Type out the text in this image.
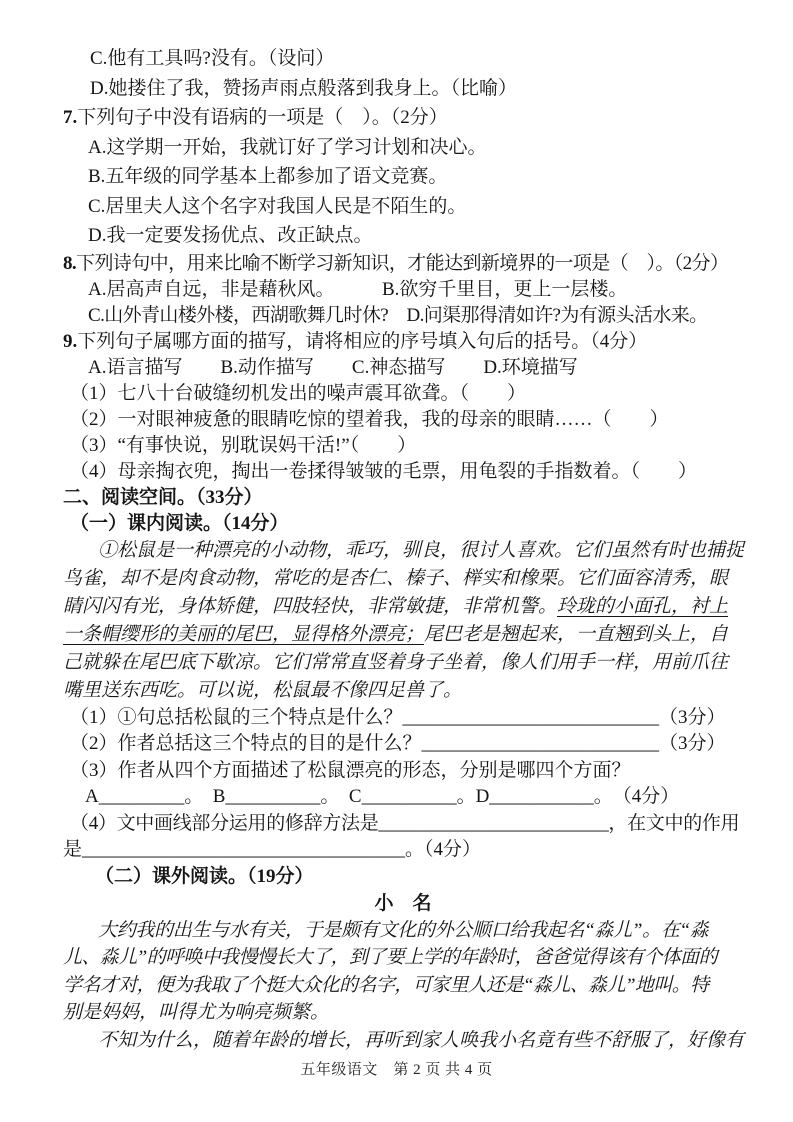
C.他有工具吗?没有。（设问）
D.她搂住了我，赞扬声雨点般落到我身上。（比喻）
7.下列句子中没有语病的一项是（　）。（2分）
A.这学期一开始，我就订好了学习计划和决心。
B.五年级的同学基本上都参加了语文竞赛。
C.居里夫人这个名字对我国人民是不陌生的。
D.我一定要发扬优点、改正缺点。
8.下列诗句中，用来比喻不断学习新知识，才能达到新境界的一项是（　）。（2分）
A.居高声自远，非是藉秋风。　　　B.欲穷千里目，更上一层楼。
C.山外青山楼外楼，西湖歌舞几时休?　D.问渠那得清如许?为有源头活水来。
9.下列句子属哪方面的描写，请将相应的序号填入句后的括号。（4分）
A.语言描写　　B.动作描写　　C.神态描写　　D.环境描写
（1）七八十台破缝纫机发出的噪声震耳欲聋。（　　）
（2）一对眼神疲惫的眼睛吃惊的望着我，我的母亲的眼睛……（　　）
（3）“有事快说，别耽误妈干活!”（　　）
（4）母亲掏衣兜，掏出一卷揉得皱皱的毛票，用龟裂的手指数着。（　　）
二、阅读空间。（33分）
（一）课内阅读。（14分）
①松鼠是一种漂亮的小动物，乖巧，驯良，很讨人喜欢。它们虽然有时也捕捉
鸟雀，却不是肉食动物，常吃的是杏仁、榛子、榉实和橡栗。它们面容清秀，眼
睛闪闪有光，身体矫健，四肢轻快，非常敏捷，非常机警。玲珑的小面孔，衬上
一条帽缨形的美丽的尾巴，显得格外漂亮；尾巴老是翘起来，一直翘到头上，自
己就躲在尾巴底下歇凉。它们常常直竖着身子坐着，像人们用手一样，用前爪往
嘴里送东西吃。可以说，松鼠最不像四足兽了。
（1）①句总括松鼠的三个特点是什么？___________________________（3分）
（2）作者总括这三个特点的目的是什么？_________________________（3分）
（3）作者从四个方面描述了松鼠漂亮的形态，分别是哪四个方面？
A_________。　B__________。　C__________。D___________。　（4分）
（4）文中画线部分运用的修辞方法是_________________________，在文中的作用
是__________________________________。（4分）
（二）课外阅读。（19分）
小　名
大约我的出生与水有关，于是颇有文化的外公顺口给我起名“淼儿”。在“淼
儿、淼儿”的呼唤中我慢慢长大了，到了要上学的年龄时，爸爸觉得该有个体面的
学名才对，便为我取了个挺大众化的名字，可家里人还是“淼儿、淼儿”地叫。特
别是妈妈，叫得尤为响亮频繁。
不知为什么，随着年龄的增长，再听到家人唤我小名竟有些不舒服了，好像有
五年级语文　第 2 页 共 4 页
